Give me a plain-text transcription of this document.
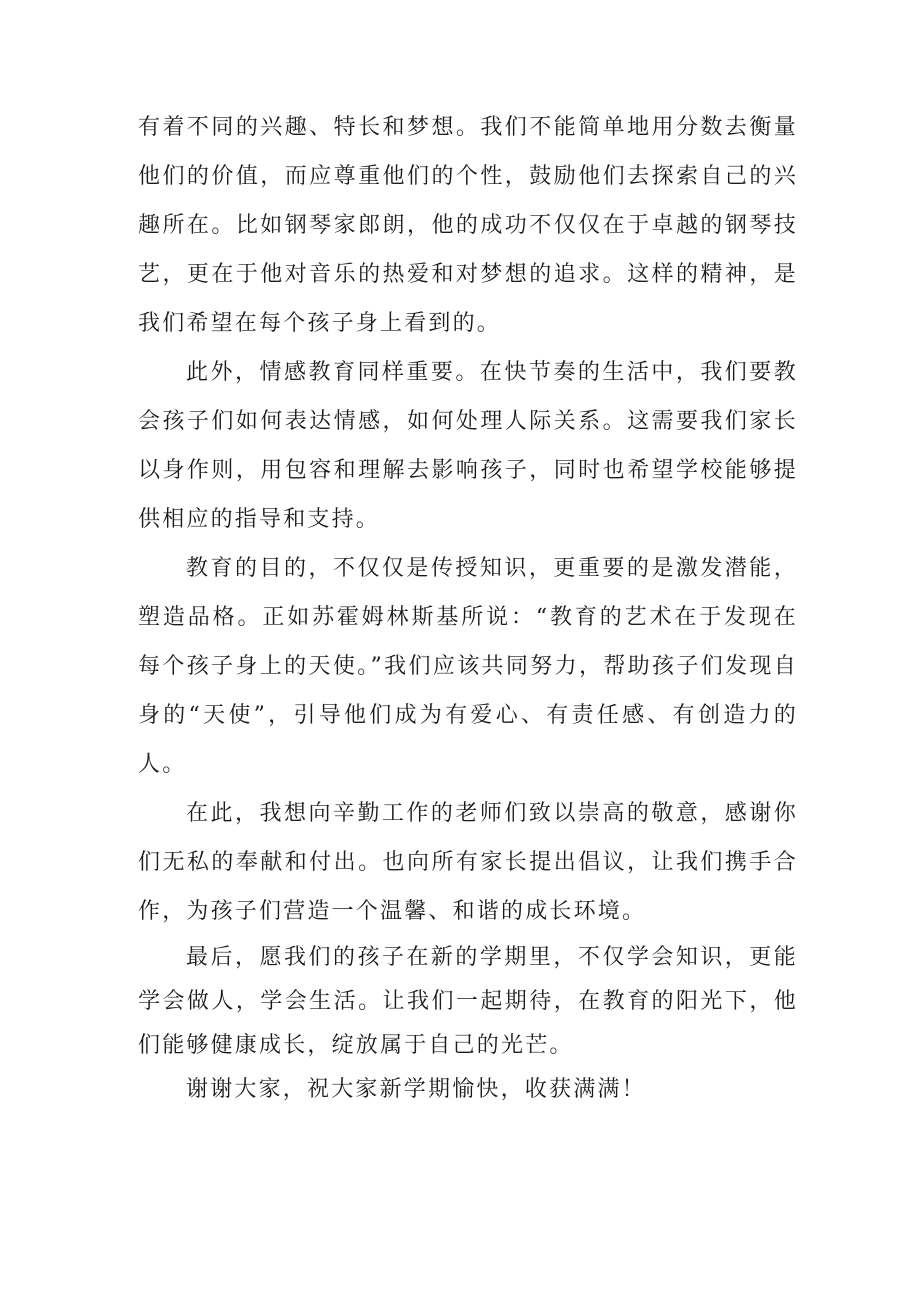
有着不同的兴趣、特长和梦想。我们不能简单地用分数去衡量他们的价值，而应尊重他们的个性，鼓励他们去探索自己的兴趣所在。比如钢琴家郎朗，他的成功不仅仅在于卓越的钢琴技艺，更在于他对音乐的热爱和对梦想的追求。这样的精神，是我们希望在每个孩子身上看到的。

此外，情感教育同样重要。在快节奏的生活中，我们要教会孩子们如何表达情感，如何处理人际关系。这需要我们家长以身作则，用包容和理解去影响孩子，同时也希望学校能够提供相应的指导和支持。

教育的目的，不仅仅是传授知识，更重要的是激发潜能，塑造品格。正如苏霍姆林斯基所说：“教育的艺术在于发现在每个孩子身上的天使。”我们应该共同努力，帮助孩子们发现自身的“天使”，引导他们成为有爱心、有责任感、有创造力的人。

在此，我想向辛勤工作的老师们致以崇高的敬意，感谢你们无私的奉献和付出。也向所有家长提出倡议，让我们携手合作，为孩子们营造一个温馨、和谐的成长环境。

最后，愿我们的孩子在新的学期里，不仅学会知识，更能学会做人，学会生活。让我们一起期待，在教育的阳光下，他们能够健康成长，绽放属于自己的光芒。

谢谢大家，祝大家新学期愉快，收获满满！
